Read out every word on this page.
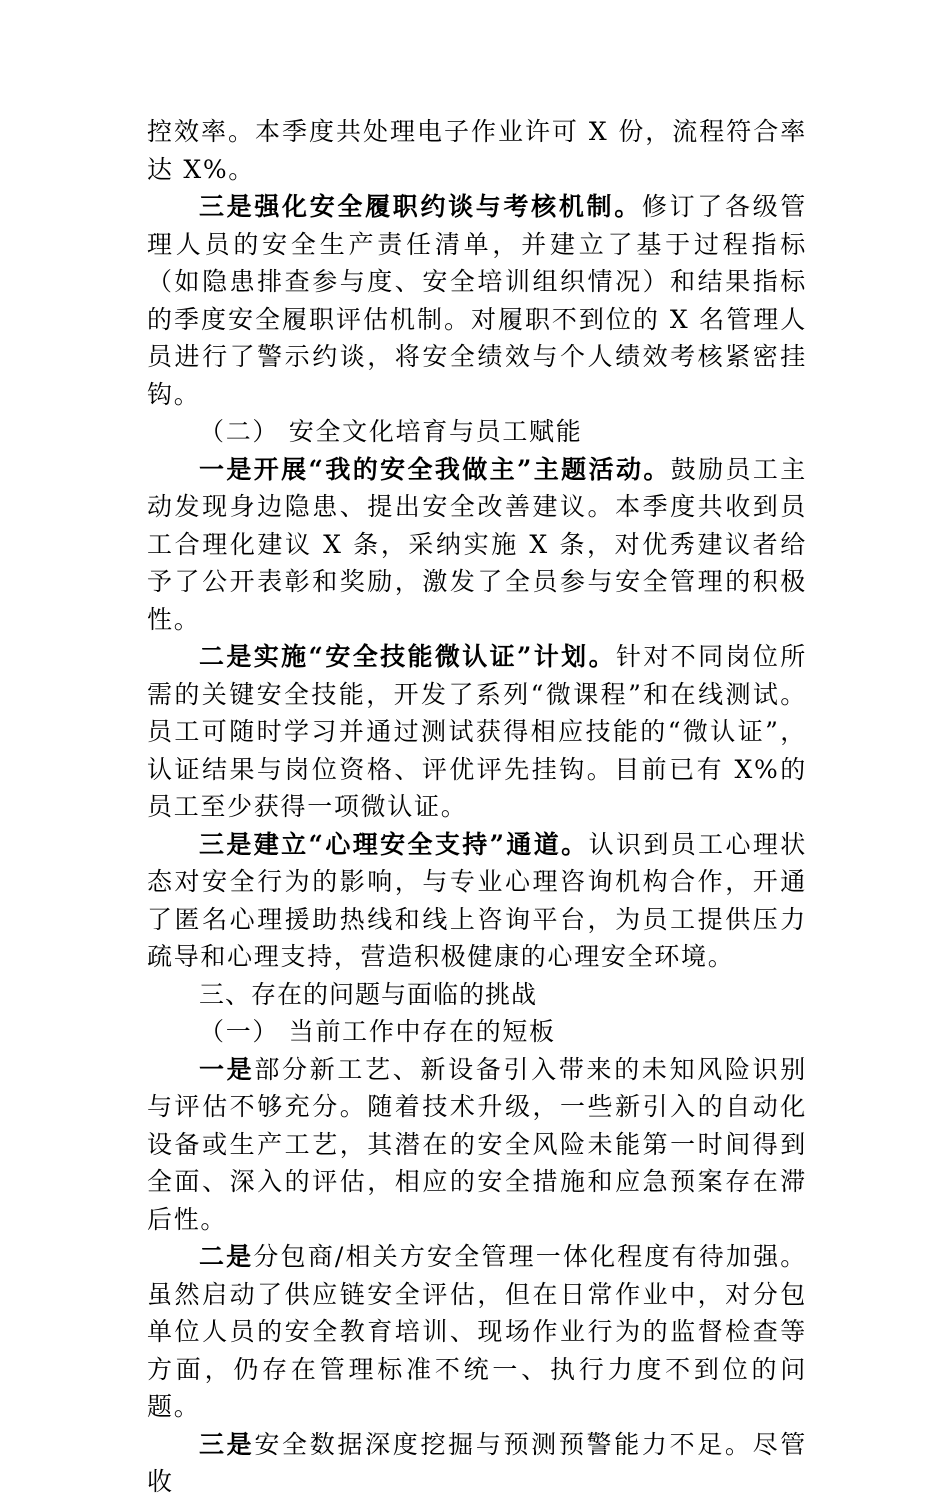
控效率。本季度共处理电子作业许可 X 份，流程符合率达 X%。

三是强化安全履职约谈与考核机制。修订了各级管理人员的安全生产责任清单，并建立了基于过程指标（如隐患排查参与度、安全培训组织情况）和结果指标的季度安全履职评估机制。对履职不到位的 X 名管理人员进行了警示约谈，将安全绩效与个人绩效考核紧密挂钩。

（二） 安全文化培育与员工赋能

一是开展“我的安全我做主”主题活动。鼓励员工主动发现身边隐患、提出安全改善建议。本季度共收到员工合理化建议 X 条，采纳实施 X 条，对优秀建议者给予了公开表彰和奖励，激发了全员参与安全管理的积极性。

二是实施“安全技能微认证”计划。针对不同岗位所需的关键安全技能，开发了系列“微课程”和在线测试。员工可随时学习并通过测试获得相应技能的“微认证”，认证结果与岗位资格、评优评先挂钩。目前已有 X%的员工至少获得一项微认证。

三是建立“心理安全支持”通道。认识到员工心理状态对安全行为的影响，与专业心理咨询机构合作，开通了匿名心理援助热线和线上咨询平台，为员工提供压力疏导和心理支持，营造积极健康的心理安全环境。

三、存在的问题与面临的挑战

（一） 当前工作中存在的短板

一是部分新工艺、新设备引入带来的未知风险识别与评估不够充分。随着技术升级，一些新引入的自动化设备或生产工艺，其潜在的安全风险未能第一时间得到全面、深入的评估，相应的安全措施和应急预案存在滞后性。

二是分包商/相关方安全管理一体化程度有待加强。虽然启动了供应链安全评估，但在日常作业中，对分包单位人员的安全教育培训、现场作业行为的监督检查等方面，仍存在管理标准不统一、执行力度不到位的问题。

三是安全数据深度挖掘与预测预警能力不足。尽管收
